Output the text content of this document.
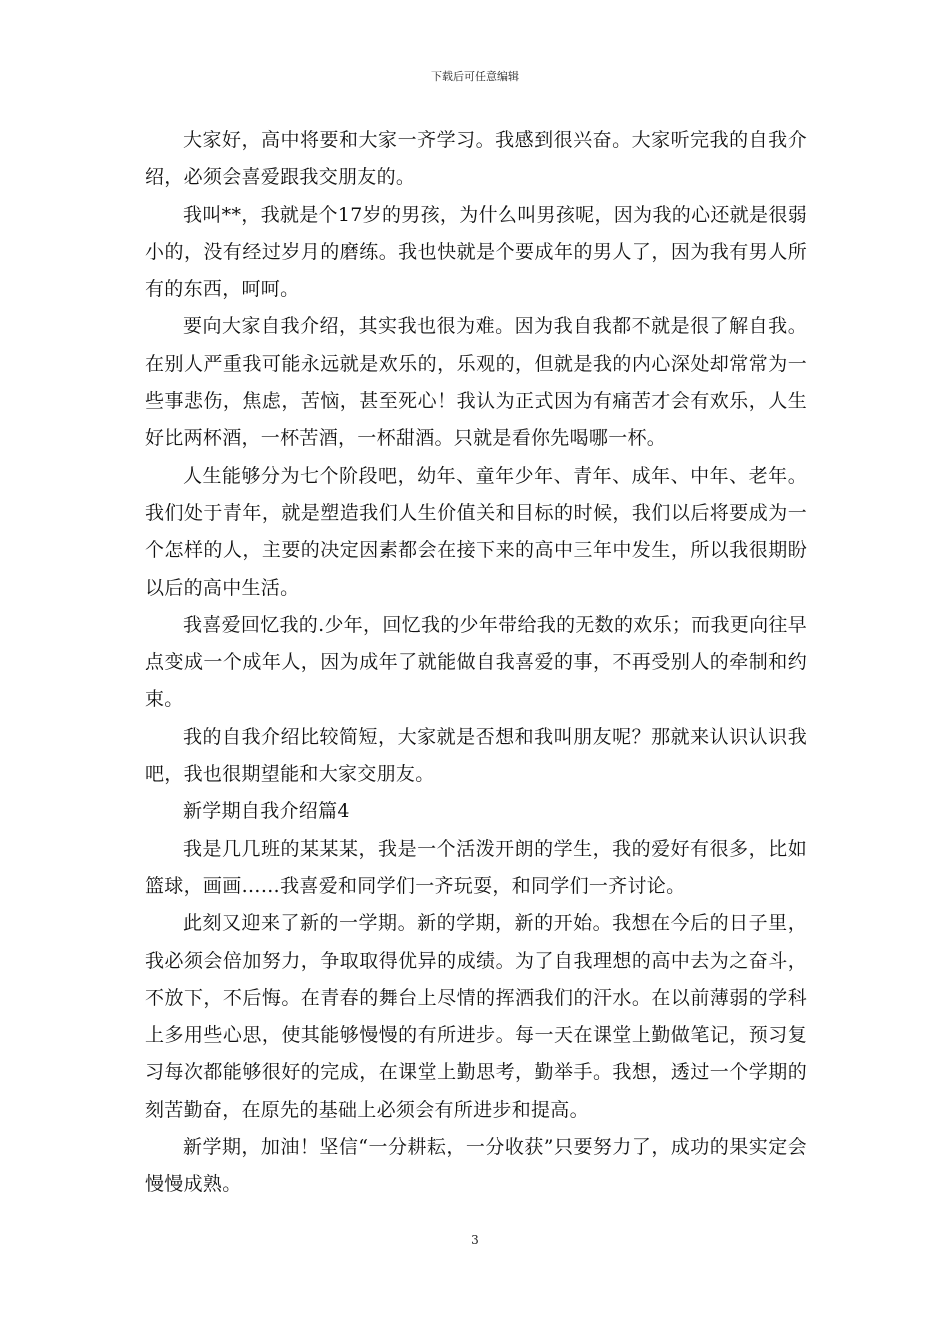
下载后可任意编辑

大家好，高中将要和大家一齐学习。我感到很兴奋。大家听完我的自我介绍，必须会喜爱跟我交朋友的。

我叫**，我就是个17岁的男孩，为什么叫男孩呢，因为我的心还就是很弱小的，没有经过岁月的磨练。我也快就是个要成年的男人了，因为我有男人所有的东西，呵呵。

要向大家自我介绍，其实我也很为难。因为我自我都不就是很了解自我。在别人严重我可能永远就是欢乐的，乐观的，但就是我的内心深处却常常为一些事悲伤，焦虑，苦恼，甚至死心！我认为正式因为有痛苦才会有欢乐，人生好比两杯酒，一杯苦酒，一杯甜酒。只就是看你先喝哪一杯。

人生能够分为七个阶段吧，幼年、童年少年、青年、成年、中年、老年。我们处于青年，就是塑造我们人生价值关和目标的时候，我们以后将要成为一个怎样的人，主要的决定因素都会在接下来的高中三年中发生，所以我很期盼以后的高中生活。

我喜爱回忆我的.少年，回忆我的少年带给我的无数的欢乐；而我更向往早点变成一个成年人，因为成年了就能做自我喜爱的事，不再受别人的牵制和约束。

我的自我介绍比较简短，大家就是否想和我叫朋友呢？那就来认识认识我吧，我也很期望能和大家交朋友。

新学期自我介绍篇4

我是几几班的某某某，我是一个活泼开朗的学生，我的爱好有很多，比如篮球，画画……我喜爱和同学们一齐玩耍，和同学们一齐讨论。

此刻又迎来了新的一学期。新的学期，新的开始。我想在今后的日子里，我必须会倍加努力，争取取得优异的成绩。为了自我理想的高中去为之奋斗，不放下，不后悔。在青春的舞台上尽情的挥洒我们的汗水。在以前薄弱的学科上多用些心思，使其能够慢慢的有所进步。每一天在课堂上勤做笔记，预习复习每次都能够很好的完成，在课堂上勤思考，勤举手。我想，透过一个学期的刻苦勤奋，在原先的基础上必须会有所进步和提高。

新学期，加油！坚信“一分耕耘，一分收获”只要努力了，成功的果实定会慢慢成熟。

3
